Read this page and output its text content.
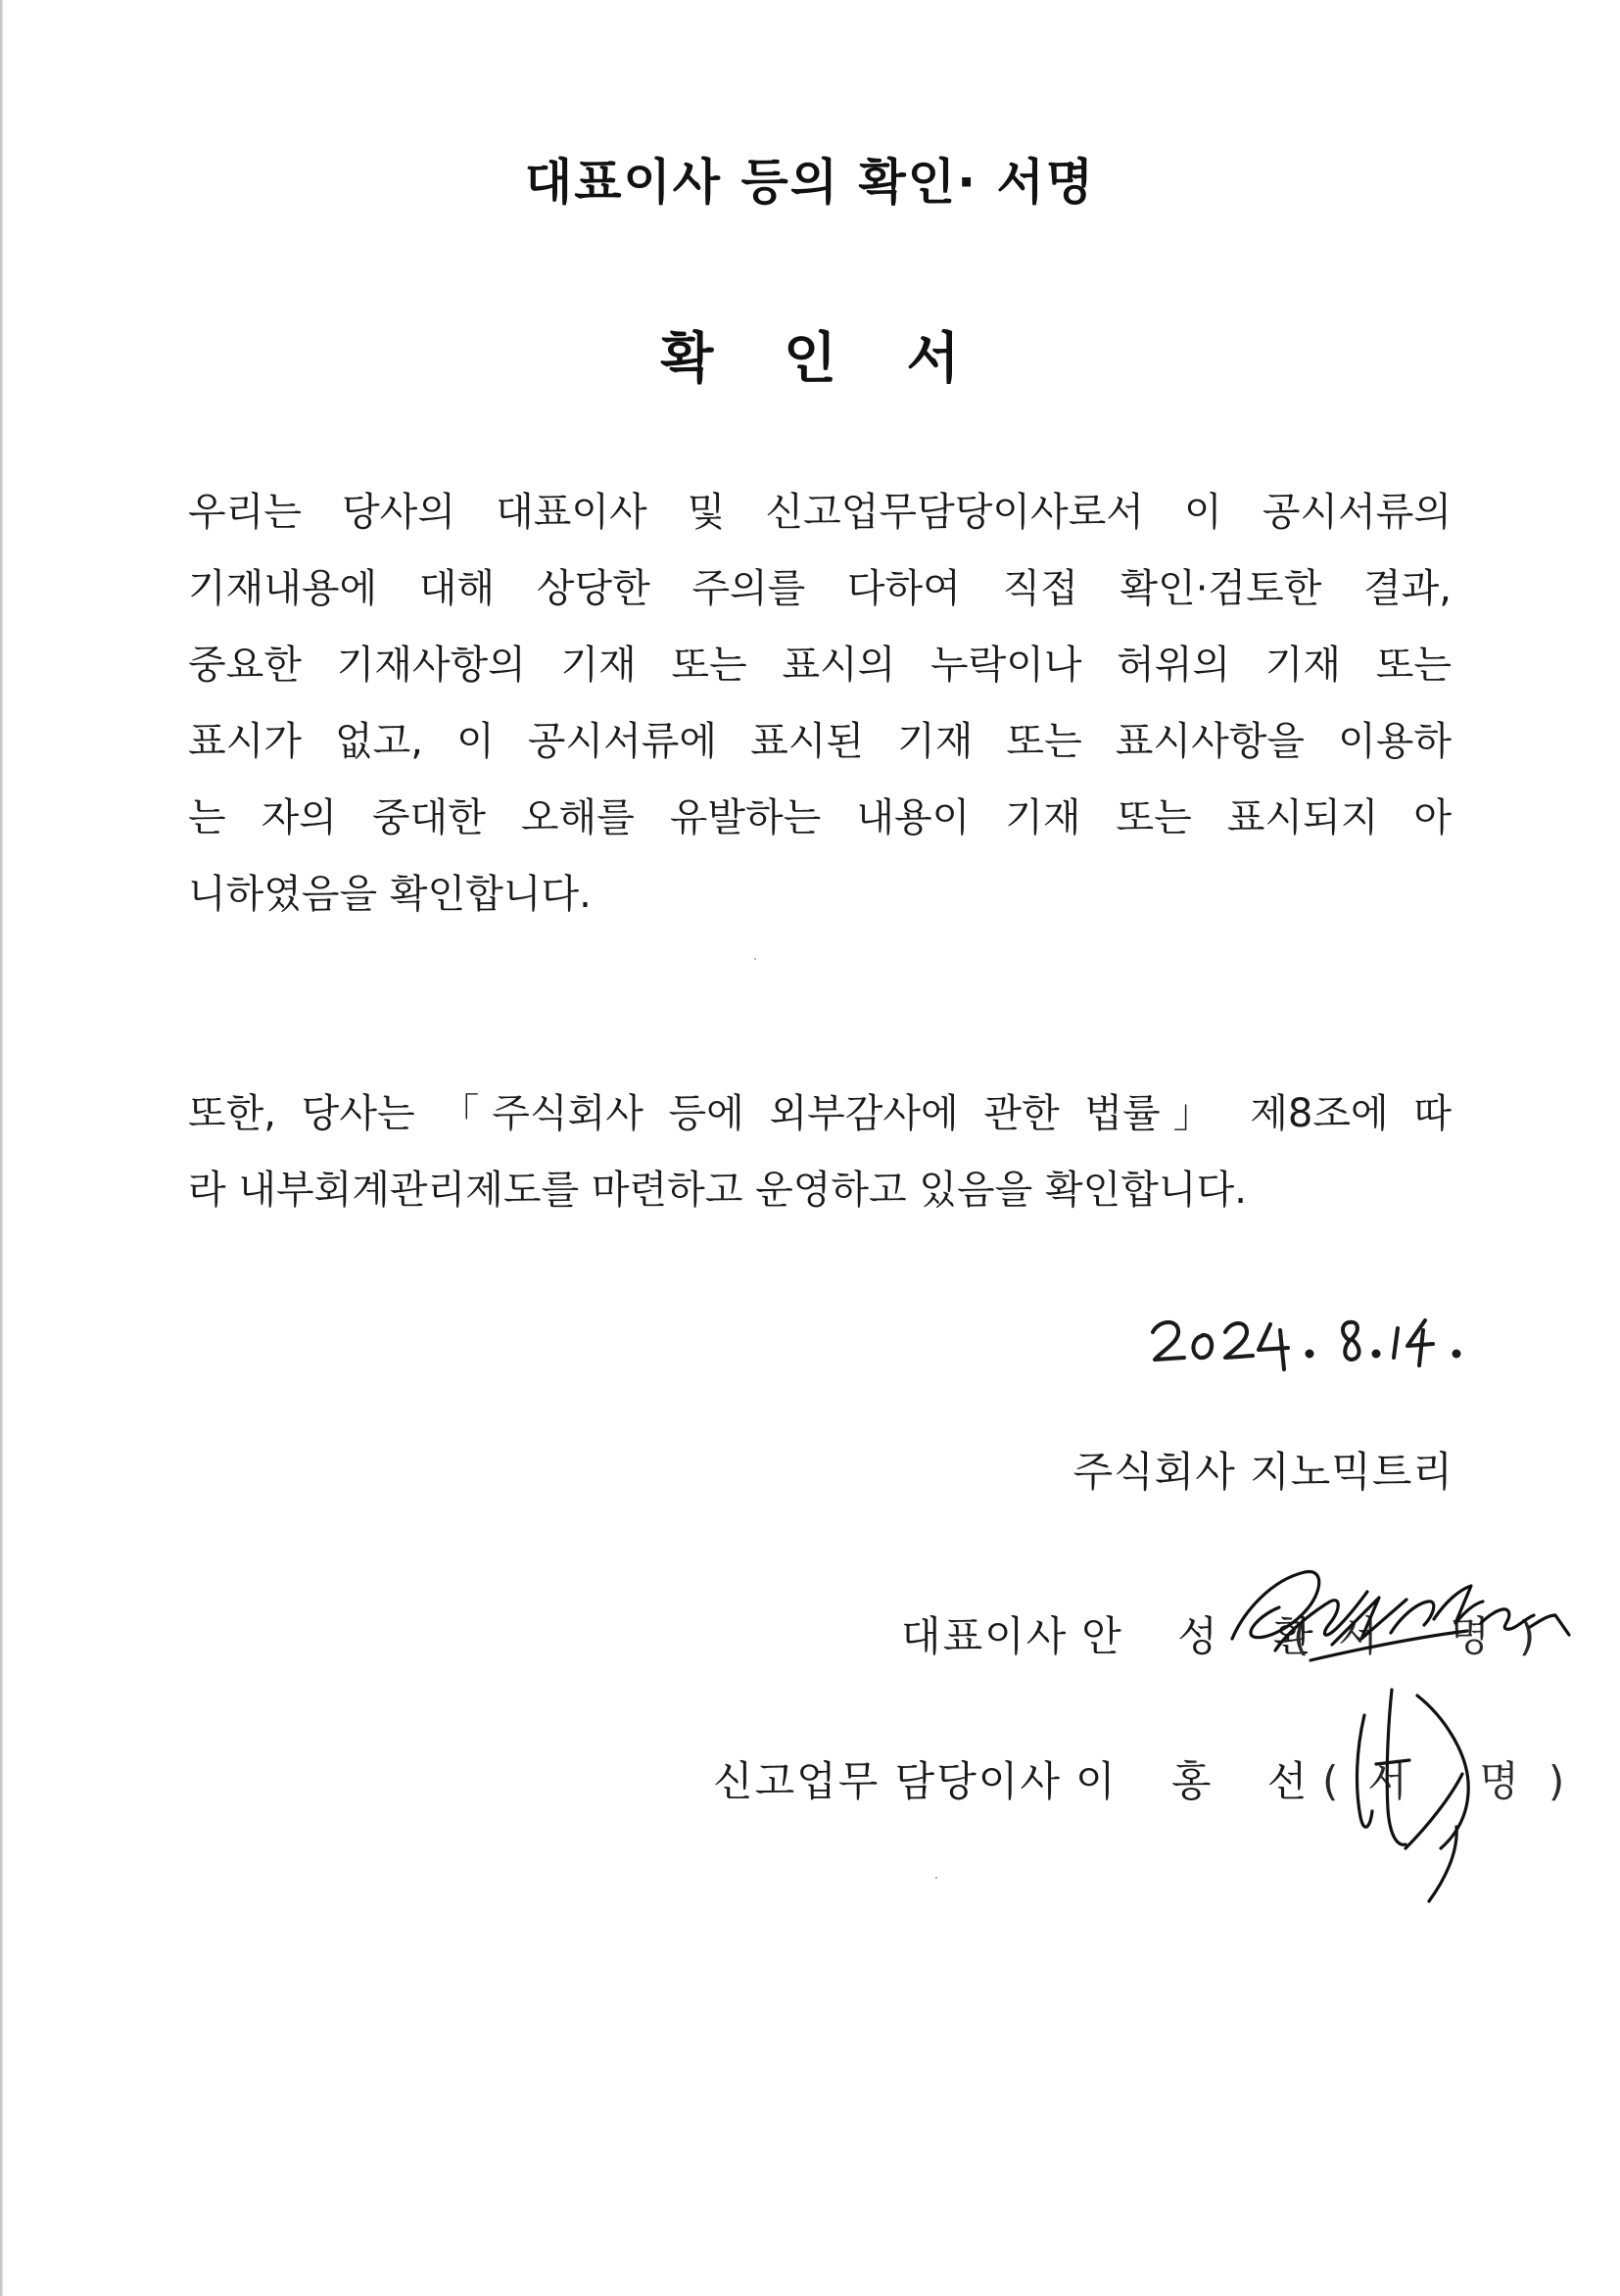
대표이사 등의 확인· 서명
확 인 서
우리는 당사의 대표이사 및 신고업무담당이사로서 이 공시서류의
기재내용에 대해 상당한 주의를 다하여 직접 확인·검토한 결과,
중요한 기재사항의 기재 또는 표시의 누락이나 허위의 기재 또는
표시가 없고, 이 공시서류에 표시된 기재 또는 표시사항을 이용하
는 자의 중대한 오해를 유발하는 내용이 기재 또는 표시되지 아
니하였음을 확인합니다.
또한, 당사는 「주식회사 등에 외부감사에 관한 법률」 제8조에 따
라 내부회계관리제도를 마련하고 운영하고 있음을 확인합니다.
주식회사 지노믹트리
대표이사 안 성 환
(서 명)
신고업무 담당이사 이 홍 선
(서 명)
